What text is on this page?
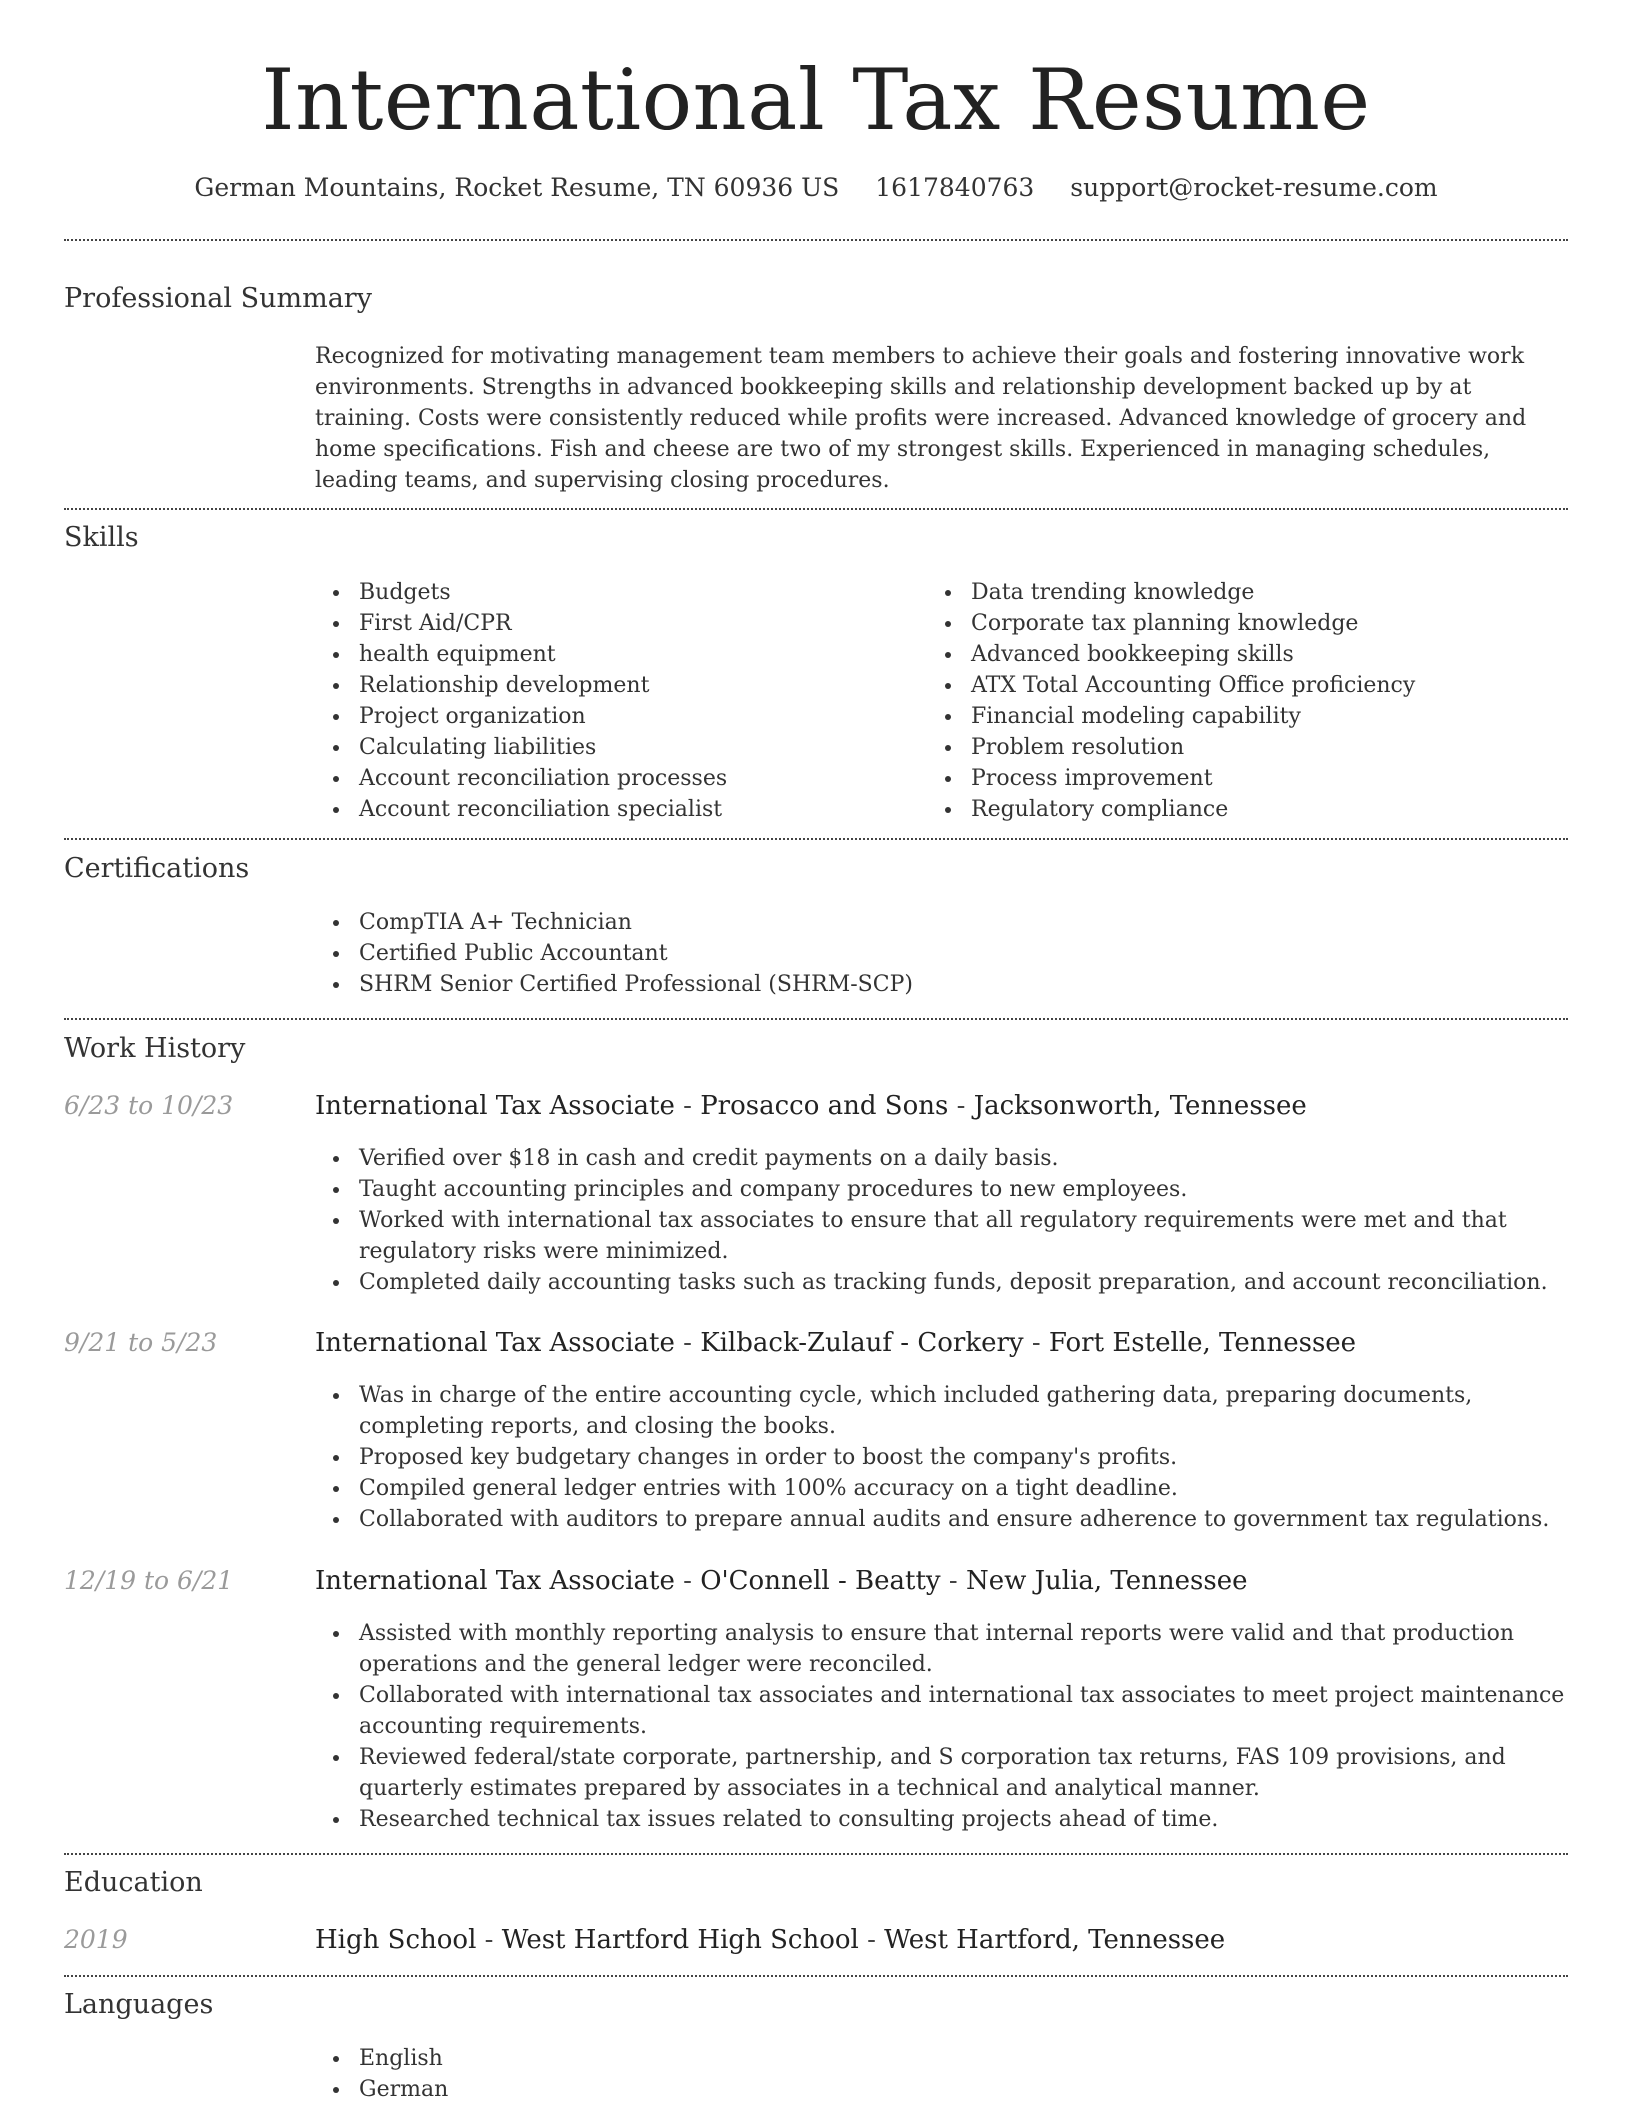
International Tax Resume
German Mountains, Rocket Resume, TN 60936 US 1617840763 support@rocket-resume.com
Professional Summary

Recognized for motivating management team members to achieve their goals and fostering innovative work environments. Strengths in advanced bookkeeping skills and relationship development backed up by at training. Costs were consistently reduced while profits were increased. Advanced knowledge of grocery and home specifications. Fish and cheese are two of my strongest skills. Experienced in managing schedules, leading teams, and supervising closing procedures.

Skills
Budgets
First Aid/CPR
health equipment
Relationship development
Project organization
Calculating liabilities
Account reconciliation processes
Account reconciliation specialist
Data trending knowledge
Corporate tax planning knowledge
Advanced bookkeeping skills
ATX Total Accounting Office proficiency
Financial modeling capability
Problem resolution
Process improvement
Regulatory compliance
Certifications
CompTIA A+ Technician
Certified Public Accountant
SHRM Senior Certified Professional (SHRM-SCP)
Work History
6/23 to 10/23	International Tax Associate - Prosacco and Sons - Jacksonworth, Tennessee
Verified over $18 in cash and credit payments on a daily basis.
Taught accounting principles and company procedures to new employees.
Worked with international tax associates to ensure that all regulatory requirements were met and that regulatory risks were minimized.
Completed daily accounting tasks such as tracking funds, deposit preparation, and account reconciliation.
9/21 to 5/23	International Tax Associate - Kilback-Zulauf - Corkery - Fort Estelle, Tennessee
Was in charge of the entire accounting cycle, which included gathering data, preparing documents, completing reports, and closing the books.
Proposed key budgetary changes in order to boost the company's profits.
Compiled general ledger entries with 100% accuracy on a tight deadline.
Collaborated with auditors to prepare annual audits and ensure adherence to government tax regulations.
12/19 to 6/21	International Tax Associate - O'Connell - Beatty - New Julia, Tennessee
Assisted with monthly reporting analysis to ensure that internal reports were valid and that production operations and the general ledger were reconciled.
Collaborated with international tax associates and international tax associates to meet project maintenance accounting requirements.
Reviewed federal/state corporate, partnership, and S corporation tax returns, FAS 109 provisions, and quarterly estimates prepared by associates in a technical and analytical manner.
Researched technical tax issues related to consulting projects ahead of time.
Education
2019	High School - West Hartford High School - West Hartford, Tennessee
Languages
English
German
